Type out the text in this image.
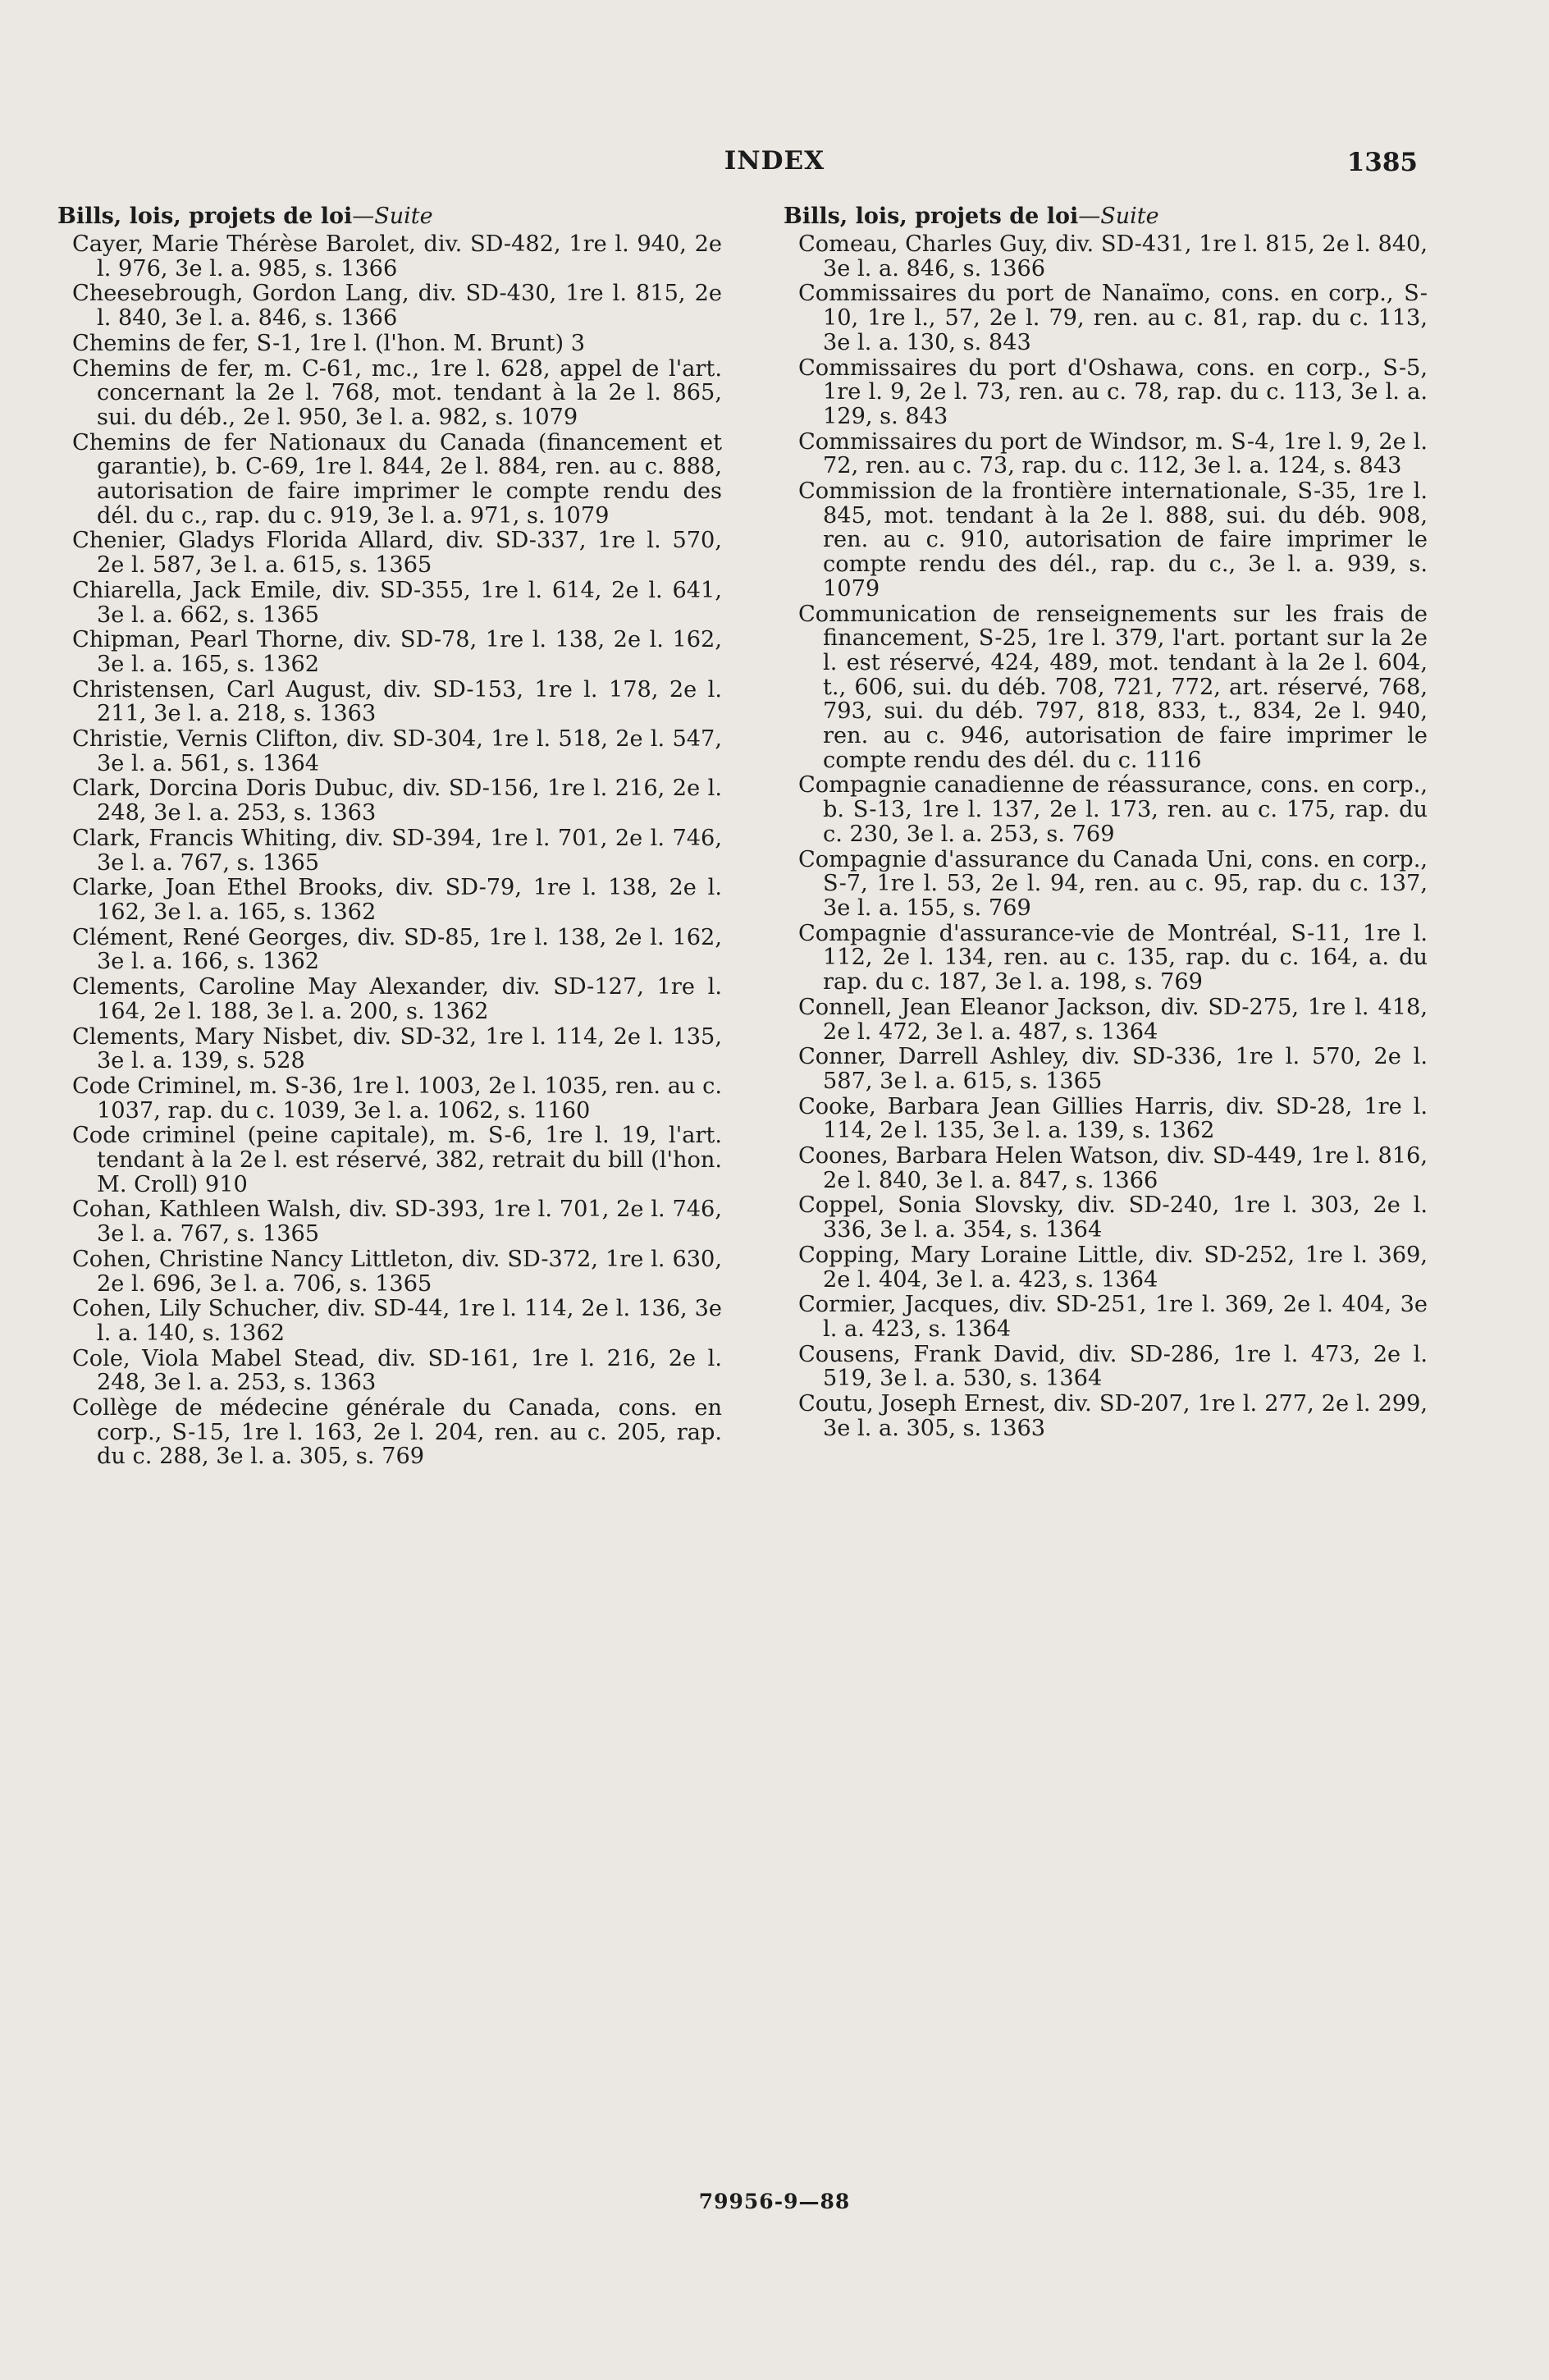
INDEX	1385
Bills, lois, projets de loi—Suite

Cayer, Marie Thérèse Barolet, div. SD-482, 1re l. 940, 2e l. 976, 3e l. a. 985, s. 1366

Cheesebrough, Gordon Lang, div. SD-430, 1re l. 815, 2e l. 840, 3e l. a. 846, s. 1366

Chemins de fer, S-1, 1re l. (l'hon. M. Brunt) 3

Chemins de fer, m. C-61, mc., 1re l. 628, appel de l'art. concernant la 2e l. 768, mot. tendant à la 2e l. 865, sui. du déb., 2e l. 950, 3e l. a. 982, s. 1079

Chemins de fer Nationaux du Canada (financement et garantie), b. C-69, 1re l. 844, 2e l. 884, ren. au c. 888, autorisation de faire imprimer le compte rendu des dél. du c., rap. du c. 919, 3e l. a. 971, s. 1079

Chenier, Gladys Florida Allard, div. SD-337, 1re l. 570, 2e l. 587, 3e l. a. 615, s. 1365

Chiarella, Jack Emile, div. SD-355, 1re l. 614, 2e l. 641, 3e l. a. 662, s. 1365

Chipman, Pearl Thorne, div. SD-78, 1re l. 138, 2e l. 162, 3e l. a. 165, s. 1362

Christensen, Carl August, div. SD-153, 1re l. 178, 2e l. 211, 3e l. a. 218, s. 1363

Christie, Vernis Clifton, div. SD-304, 1re l. 518, 2e l. 547, 3e l. a. 561, s. 1364

Clark, Dorcina Doris Dubuc, div. SD-156, 1re l. 216, 2e l. 248, 3e l. a. 253, s. 1363

Clark, Francis Whiting, div. SD-394, 1re l. 701, 2e l. 746, 3e l. a. 767, s. 1365

Clarke, Joan Ethel Brooks, div. SD-79, 1re l. 138, 2e l. 162, 3e l. a. 165, s. 1362

Clément, René Georges, div. SD-85, 1re l. 138, 2e l. 162, 3e l. a. 166, s. 1362

Clements, Caroline May Alexander, div. SD-127, 1re l. 164, 2e l. 188, 3e l. a. 200, s. 1362

Clements, Mary Nisbet, div. SD-32, 1re l. 114, 2e l. 135, 3e l. a. 139, s. 528

Code Criminel, m. S-36, 1re l. 1003, 2e l. 1035, ren. au c. 1037, rap. du c. 1039, 3e l. a. 1062, s. 1160

Code criminel (peine capitale), m. S-6, 1re l. 19, l'art. tendant à la 2e l. est réservé, 382, retrait du bill (l'hon. M. Croll) 910

Cohan, Kathleen Walsh, div. SD-393, 1re l. 701, 2e l. 746, 3e l. a. 767, s. 1365

Cohen, Christine Nancy Littleton, div. SD-372, 1re l. 630, 2e l. 696, 3e l. a. 706, s. 1365

Cohen, Lily Schucher, div. SD-44, 1re l. 114, 2e l. 136, 3e l. a. 140, s. 1362

Cole, Viola Mabel Stead, div. SD-161, 1re l. 216, 2e l. 248, 3e l. a. 253, s. 1363

Collège de médecine générale du Canada, cons. en corp., S-15, 1re l. 163, 2e l. 204, ren. au c. 205, rap. du c. 288, 3e l. a. 305, s. 769

Bills, lois, projets de loi—Suite

Comeau, Charles Guy, div. SD-431, 1re l. 815, 2e l. 840, 3e l. a. 846, s. 1366

Commissaires du port de Nanaïmo, cons. en corp., S-10, 1re l., 57, 2e l. 79, ren. au c. 81, rap. du c. 113, 3e l. a. 130, s. 843

Commissaires du port d'Oshawa, cons. en corp., S-5, 1re l. 9, 2e l. 73, ren. au c. 78, rap. du c. 113, 3e l. a. 129, s. 843

Commissaires du port de Windsor, m. S-4, 1re l. 9, 2e l. 72, ren. au c. 73, rap. du c. 112, 3e l. a. 124, s. 843

Commission de la frontière internationale, S-35, 1re l. 845, mot. tendant à la 2e l. 888, sui. du déb. 908, ren. au c. 910, autorisation de faire imprimer le compte rendu des dél., rap. du c., 3e l. a. 939, s. 1079

Communication de renseignements sur les frais de financement, S-25, 1re l. 379, l'art. portant sur la 2e l. est réservé, 424, 489, mot. tendant à la 2e l. 604, t., 606, sui. du déb. 708, 721, 772, art. réservé, 768, 793, sui. du déb. 797, 818, 833, t., 834, 2e l. 940, ren. au c. 946, autorisation de faire imprimer le compte rendu des dél. du c. 1116

Compagnie canadienne de réassurance, cons. en corp., b. S-13, 1re l. 137, 2e l. 173, ren. au c. 175, rap. du c. 230, 3e l. a. 253, s. 769

Compagnie d'assurance du Canada Uni, cons. en corp., S-7, 1re l. 53, 2e l. 94, ren. au c. 95, rap. du c. 137, 3e l. a. 155, s. 769

Compagnie d'assurance-vie de Montréal, S-11, 1re l. 112, 2e l. 134, ren. au c. 135, rap. du c. 164, a. du rap. du c. 187, 3e l. a. 198, s. 769

Connell, Jean Eleanor Jackson, div. SD-275, 1re l. 418, 2e l. 472, 3e l. a. 487, s. 1364

Conner, Darrell Ashley, div. SD-336, 1re l. 570, 2e l. 587, 3e l. a. 615, s. 1365

Cooke, Barbara Jean Gillies Harris, div. SD-28, 1re l. 114, 2e l. 135, 3e l. a. 139, s. 1362

Coones, Barbara Helen Watson, div. SD-449, 1re l. 816, 2e l. 840, 3e l. a. 847, s. 1366

Coppel, Sonia Slovsky, div. SD-240, 1re l. 303, 2e l. 336, 3e l. a. 354, s. 1364

Copping, Mary Loraine Little, div. SD-252, 1re l. 369, 2e l. 404, 3e l. a. 423, s. 1364

Cormier, Jacques, div. SD-251, 1re l. 369, 2e l. 404, 3e l. a. 423, s. 1364

Cousens, Frank David, div. SD-286, 1re l. 473, 2e l. 519, 3e l. a. 530, s. 1364

Coutu, Joseph Ernest, div. SD-207, 1re l. 277, 2e l. 299, 3e l. a. 305, s. 1363

79956-9—88
